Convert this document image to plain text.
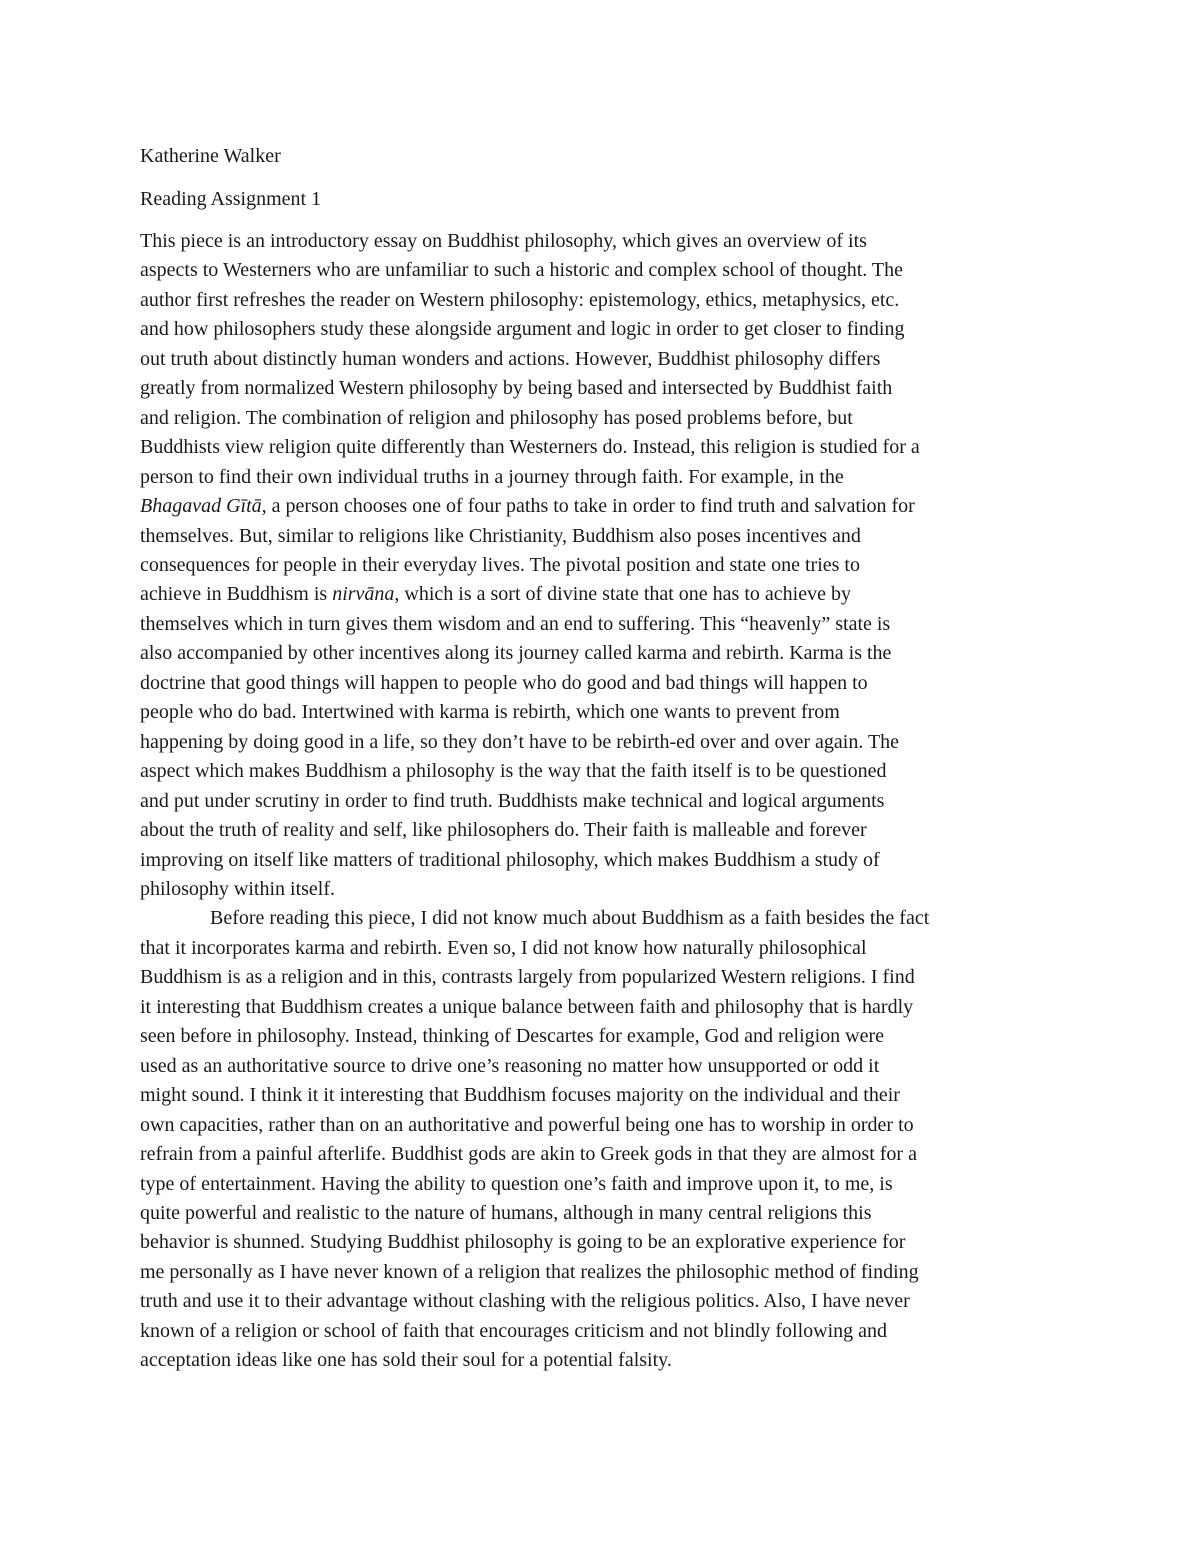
Katherine Walker
Reading Assignment 1
This piece is an introductory essay on Buddhist philosophy, which gives an overview of its
aspects to Westerners who are unfamiliar to such a historic and complex school of thought. The
author first refreshes the reader on Western philosophy: epistemology, ethics, metaphysics, etc.
and how philosophers study these alongside argument and logic in order to get closer to finding
out truth about distinctly human wonders and actions. However, Buddhist philosophy differs
greatly from normalized Western philosophy by being based and intersected by Buddhist faith
and religion. The combination of religion and philosophy has posed problems before, but
Buddhists view religion quite differently than Westerners do. Instead, this religion is studied for a
person to find their own individual truths in a journey through faith. For example, in the
Bhagavad Gītā, a person chooses one of four paths to take in order to find truth and salvation for
themselves. But, similar to religions like Christianity, Buddhism also poses incentives and
consequences for people in their everyday lives. The pivotal position and state one tries to
achieve in Buddhism is nirvāna, which is a sort of divine state that one has to achieve by
themselves which in turn gives them wisdom and an end to suffering. This “heavenly” state is
also accompanied by other incentives along its journey called karma and rebirth. Karma is the
doctrine that good things will happen to people who do good and bad things will happen to
people who do bad. Intertwined with karma is rebirth, which one wants to prevent from
happening by doing good in a life, so they don’t have to be rebirth-ed over and over again. The
aspect which makes Buddhism a philosophy is the way that the faith itself is to be questioned
and put under scrutiny in order to find truth. Buddhists make technical and logical arguments
about the truth of reality and self, like philosophers do. Their faith is malleable and forever
improving on itself like matters of traditional philosophy, which makes Buddhism a study of
philosophy within itself.
Before reading this piece, I did not know much about Buddhism as a faith besides the fact
that it incorporates karma and rebirth. Even so, I did not know how naturally philosophical
Buddhism is as a religion and in this, contrasts largely from popularized Western religions. I find
it interesting that Buddhism creates a unique balance between faith and philosophy that is hardly
seen before in philosophy. Instead, thinking of Descartes for example, God and religion were
used as an authoritative source to drive one’s reasoning no matter how unsupported or odd it
might sound. I think it it interesting that Buddhism focuses majority on the individual and their
own capacities, rather than on an authoritative and powerful being one has to worship in order to
refrain from a painful afterlife. Buddhist gods are akin to Greek gods in that they are almost for a
type of entertainment. Having the ability to question one’s faith and improve upon it, to me, is
quite powerful and realistic to the nature of humans, although in many central religions this
behavior is shunned. Studying Buddhist philosophy is going to be an explorative experience for
me personally as I have never known of a religion that realizes the philosophic method of finding
truth and use it to their advantage without clashing with the religious politics. Also, I have never
known of a religion or school of faith that encourages criticism and not blindly following and
acceptation ideas like one has sold their soul for a potential falsity.
